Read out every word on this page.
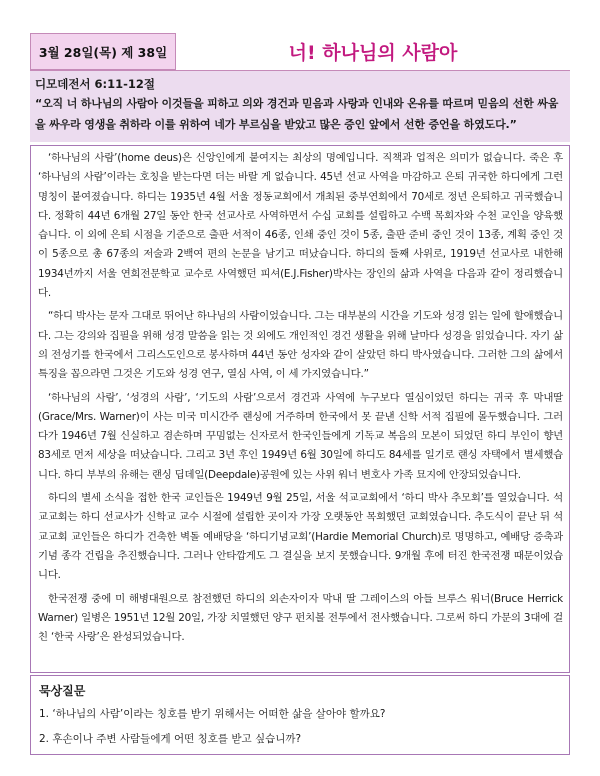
3월 28일(목) 제 38일	너! 하나님의 사람아
디모데전서 6:11-12절
“오직 너 하나님의 사람아 이것들을 피하고 의와 경건과 믿음과 사랑과 인내와 온유를 따르며 믿음의 선한 싸움을 싸우라 영생을 취하라 이를 위하여 네가 부르심을 받았고 많은 증인 앞에서 선한 증언을 하였도다.”

‘하나님의 사람’(home deus)은 신앙인에게 붙여지는 최상의 명예입니다. 직책과 업적은 의미가 없습니다. 죽은 후 ‘하나님의 사람’이라는 호칭을 받는다면 더는 바랄 게 없습니다. 45년 선교 사역을 마감하고 은퇴 귀국한 하디에게 그런 명칭이 붙여졌습니다. 하디는 1935년 4월 서울 정동교회에서 개최된 중부연회에서 70세로 정년 은퇴하고 귀국했습니다. 정확히 44년 6개월 27일 동안 한국 선교사로 사역하면서 수십 교회를 설립하고 수백 목회자와 수천 교인을 양육했습니다. 이 외에 은퇴 시점을 기준으로 출판 서적이 46종, 인쇄 중인 것이 5종, 출판 준비 중인 것이 13종, 계획 중인 것이 5종으로 총 67종의 저술과 2백여 편의 논문을 남기고 떠났습니다. 하디의 둘째 사위로, 1919년 선교사로 내한해 1934년까지 서울 연희전문학교 교수로 사역했던 피셔(E.J.Fisher)박사는 장인의 삶과 사역을 다음과 같이 정리했습니다.

“하디 박사는 문자 그대로 뛰어난 하나님의 사람이었습니다. 그는 대부분의 시간을 기도와 성경 읽는 일에 할애했습니다. 그는 강의와 집필을 위해 성경 말씀을 읽는 것 외에도 개인적인 경건 생활을 위해 날마다 성경을 읽었습니다. 자기 삶의 전성기를 한국에서 그리스도인으로 봉사하며 44년 동안 성자와 같이 살았던 하디 박사였습니다. 그러한 그의 삶에서 특징을 꼽으라면 그것은 기도와 성경 연구, 열심 사역, 이 세 가지였습니다.”

‘하나님의 사람’, ‘성경의 사람’, ‘기도의 사람’으로서 경건과 사역에 누구보다 열심이었던 하디는 귀국 후 막내딸(Grace/Mrs. Warner)이 사는 미국 미시간주 랜싱에 거주하며 한국에서 못 끝낸 신학 서적 집필에 몰두했습니다. 그러다가 1946년 7월 신실하고 겸손하며 꾸밈없는 신자로서 한국인들에게 기독교 복음의 모본이 되었던 하디 부인이 향년 83세로 먼저 세상을 떠났습니다. 그리고 3년 후인 1949년 6월 30일에 하디도 84세를 일기로 랜싱 자택에서 별세했습니다. 하디 부부의 유해는 랜싱 딥데일(Deepdale)공원에 있는 사위 워너 변호사 가족 묘지에 안장되었습니다.

하디의 별세 소식을 접한 한국 교인들은 1949년 9월 25일, 서울 석교교회에서 ‘하디 박사 추모회’를 열었습니다. 석교교회는 하디 선교사가 신학교 교수 시절에 설립한 곳이자 가장 오랫동안 목회했던 교회였습니다. 추도식이 끝난 뒤 석교교회 교인들은 하디가 건축한 벽돌 예배당을 ‘하디기념교회’(Hardie Memorial Church)로 명명하고, 예배당 증축과 기념 종각 건립을 추진했습니다. 그러나 안타깝게도 그 결실을 보지 못했습니다. 9개월 후에 터진 한국전쟁 때문이었습니다.

한국전쟁 중에 미 해병대원으로 참전했던 하디의 외손자이자 막내 딸 그레이스의 아들 브루스 워너(Bruce Herrick Warner) 일병은 1951년 12월 20일, 가장 치열했던 양구 펀치볼 전투에서 전사했습니다. 그로써 하디 가문의 3대에 걸친 ‘한국 사랑’은 완성되었습니다.

묵상질문
1. ‘하나님의 사람’이라는 칭호를 받기 위해서는 어떠한 삶을 살아야 할까요?
2. 후손이나 주변 사람들에게 어떤 칭호를 받고 싶습니까?
